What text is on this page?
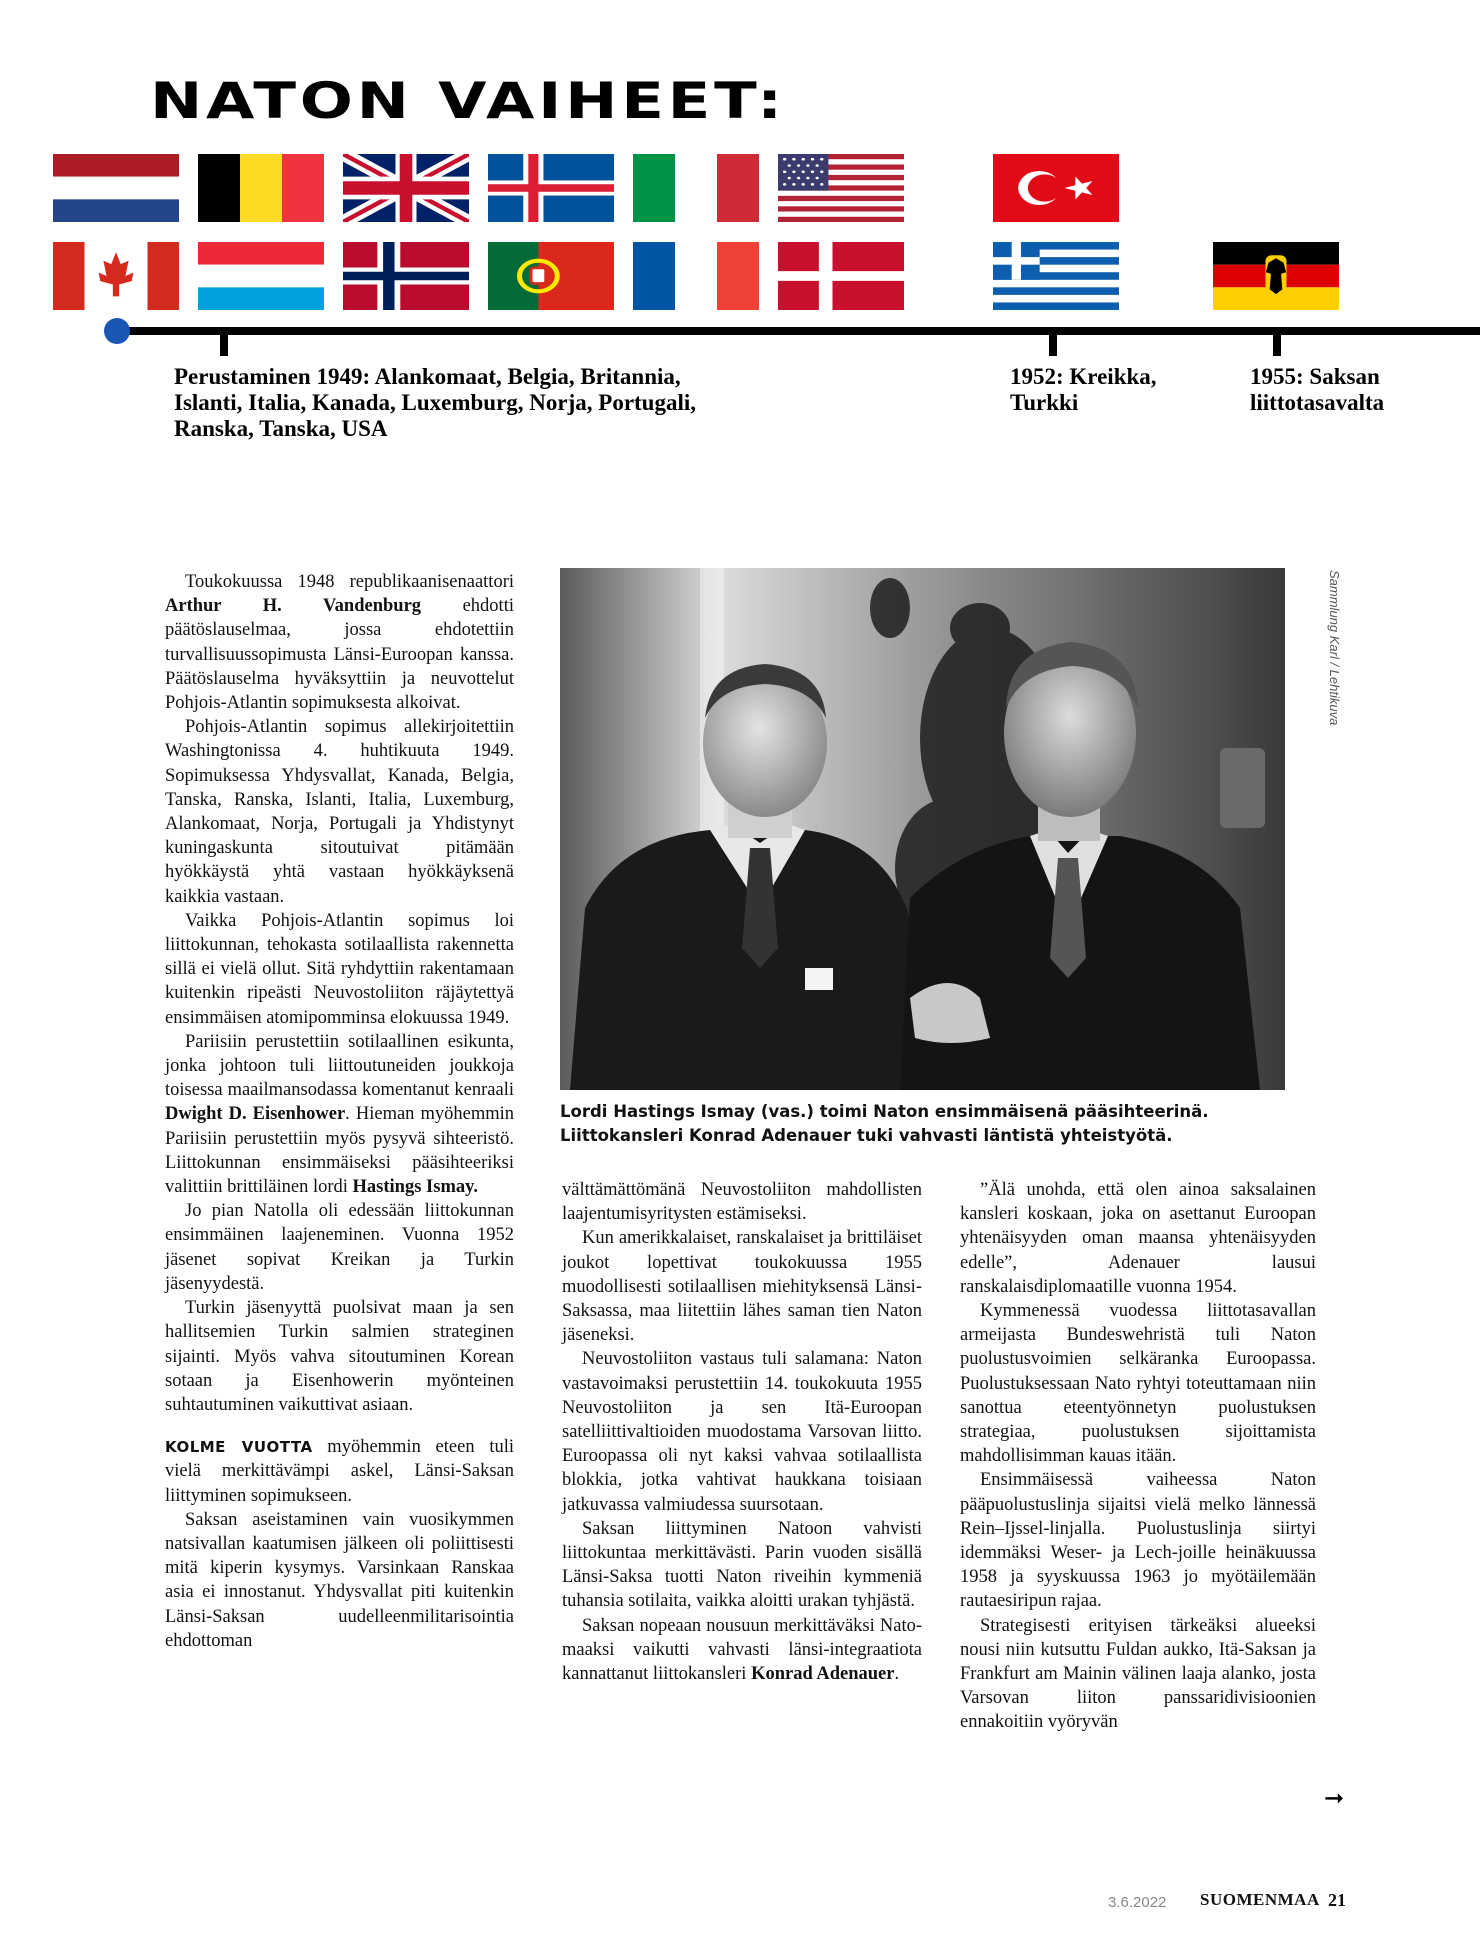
NATON VAIHEET:
Perustaminen 1949: Alankomaat, Belgia, Britannia,
Islanti, Italia, Kanada, Luxemburg, Norja, Portugali,
Ranska, Tanska, USA
1952: Kreikka,
Turkki
1955: Saksan
liittotasavalta

Toukokuussa 1948 republikaanisenaattori Arthur H. Vandenburg ehdotti päätöslauselmaa, jossa ehdotettiin turvallisuussopimusta Länsi-Euroopan kanssa. Päätöslauselma hyväksyttiin ja neuvottelut Pohjois-Atlantin sopimuksesta alkoivat.

Pohjois-Atlantin sopimus allekirjoitettiin Washingtonissa 4. huhtikuuta 1949. Sopimuksessa Yhdysvallat, Kanada, Belgia, Tanska, Ranska, Islanti, Italia, Luxemburg, Alankomaat, Norja, Portugali ja Yhdistynyt kuningaskunta sitoutuivat pitämään hyökkäystä yhtä vastaan hyökkäyksenä kaikkia vastaan.

Vaikka Pohjois-Atlantin sopimus loi liittokunnan, tehokasta sotilaallista rakennetta sillä ei vielä ollut. Sitä ryhdyttiin rakentamaan kuitenkin ripeästi Neuvostoliiton räjäytettyä ensimmäisen atomipomminsa elokuussa 1949.

Pariisiin perustettiin sotilaallinen esikunta, jonka johtoon tuli liittoutuneiden joukkoja toisessa maailmansodassa komentanut kenraali Dwight D. Eisenhower. Hieman myöhemmin Pariisiin perustettiin myös pysyvä sihteeristö. Liittokunnan ensimmäiseksi pääsihteeriksi valittiin brittiläinen lordi Hastings Ismay.

Jo pian Natolla oli edessään liittokunnan ensimmäinen laajeneminen. Vuonna 1952 jäsenet sopivat Kreikan ja Turkin jäsenyydestä.

Turkin jäsenyyttä puolsivat maan ja sen hallitsemien Turkin salmien strateginen sijainti. Myös vahva sitoutuminen Korean sotaan ja Eisenhowerin myönteinen suhtautuminen vaikuttivat asiaan.

KOLME VUOTTA myöhemmin eteen tuli vielä merkittävämpi askel, Länsi-Saksan liittyminen sopimukseen.

Saksan aseistaminen vain vuosikymmen natsivallan kaatumisen jälkeen oli poliittisesti mitä kiperin kysymys. Varsinkaan Ranskaa asia ei innostanut. Yhdysvallat piti kuitenkin Länsi-Saksan uudelleenmilitarisointia ehdottoman

Sammlung Karl / Lehtikuva
Lordi Hastings Ismay (vas.) toimi Naton ensimmäisenä pääsihteerinä. Liittokansleri Konrad Adenauer tuki vahvasti läntistä yhteistyötä.

välttämättömänä Neuvostoliiton mahdollisten laajentumisyritysten estämiseksi.

Kun amerikkalaiset, ranskalaiset ja brittiläiset joukot lopettivat toukokuussa 1955 muodollisesti sotilaallisen miehityksensä Länsi-Saksassa, maa liitettiin lähes saman tien Naton jäseneksi.

Neuvostoliiton vastaus tuli salamana: Naton vastavoimaksi perustettiin 14. toukokuuta 1955 Neuvostoliiton ja sen Itä-Euroopan satelliittivaltioiden muodostama Varsovan liitto. Euroopassa oli nyt kaksi vahvaa sotilaallista blokkia, jotka vahtivat haukkana toisiaan jatkuvassa valmiudessa suursotaan.

Saksan liittyminen Natoon vahvisti liittokuntaa merkittävästi. Parin vuoden sisällä Länsi-Saksa tuotti Naton riveihin kymmeniä tuhansia sotilaita, vaikka aloitti urakan tyhjästä.

Saksan nopeaan nousuun merkittäväksi Nato-maaksi vaikutti vahvasti länsi-integraatiota kannattanut liittokansleri Konrad Adenauer.

”Älä unohda, että olen ainoa saksalainen kansleri koskaan, joka on asettanut Euroopan yhtenäisyyden oman maansa yhtenäisyyden edelle”, Adenauer lausui ranskalaisdiplomaatille vuonna 1954.

Kymmenessä vuodessa liittotasavallan armeijasta Bundeswehristä tuli Naton puolustusvoimien selkäranka Euroopassa. Puolustuksessaan Nato ryhtyi toteuttamaan niin sanottua eteentyönnetyn puolustuksen strategiaa, puolustuksen sijoittamista mahdollisimman kauas itään.

Ensimmäisessä vaiheessa Naton pääpuolustuslinja sijaitsi vielä melko lännessä Rein–Ijssel-linjalla. Puolustuslinja siirtyi idemmäksi Weser- ja Lech-joille heinäkuussa 1958 ja syyskuussa 1963 jo myötäilemään rautaesiripun rajaa.

Strategisesti erityisen tärkeäksi alueeksi nousi niin kutsuttu Fuldan aukko, Itä-Saksan ja Frankfurt am Mainin välinen laaja alanko, josta Varsovan liiton panssaridivisioonien ennakoitiin vyöryvän

➞
3.6.2022 SUOMENMAA 21
